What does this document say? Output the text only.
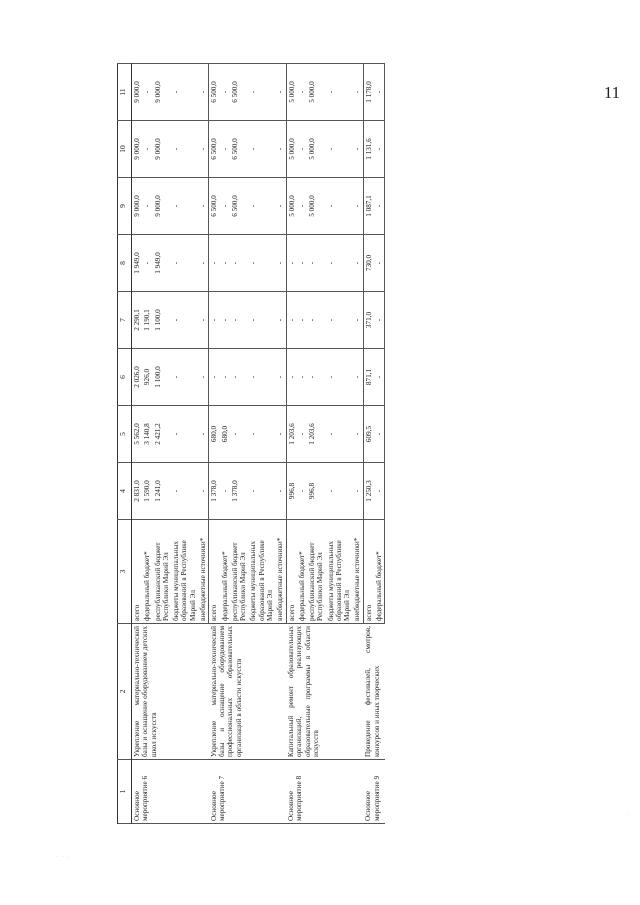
11
1	2	3	4	5	6	7	8	9	10	11
Основное мероприятие 6	Укрепление материально-технической базы и оснащение оборудованием детских школ искусств	всего	2 831,0	5 562,0	2 026,0	2 290,1	1 949,0	9 000,0	9 000,0	9 000,0
		федеральный бюджет*	1 590,0	3 140,8	926,0	1 190,1	-	-	-	-
		республиканский бюджет Республики Марий Эл	1 241,0	2 421,2	1 100,0	1 100,0	1 949,0	9 000,0	9 000,0	9 000,0
		бюджеты муниципальных образований в Республике Марий Эл	-	-	-	-	-	-	-	-
		внебюджетные источники*	-	-	-	-	-	-	-	-
Основное мероприятие 7	Укрепление материально-технической базы и оснащение оборудованием профессиональных образовательных организаций в области искусств	всего	1 378,0	680,0	-	-	-	6 500,0	6 500,0	6 500,0
		федеральный бюджет*	-	680,0	-	-	-	-	-	-
		республиканский бюджет Республики Марий Эл	1 378,0	-	-	-	-	6 500,0	6 500,0	6 500,0
		бюджеты муниципальных образований в Республике Марий Эл	-	-	-	-	-	-	-	-
		внебюджетные источники*	-	-	-	-	-	-	-	-
Основное мероприятие 8	Капитальный ремонт образовательных организаций, реализующих образовательные программы в области искусств	всего	996,8	1 203,6	-	-	-	5 000,0	5 000,0	5 000,0
		федеральный бюджет*	-	-	-	-	-	-	-	-
		республиканский бюджет Республики Марий Эл	996,8	1 203,6	-	-	-	5 000,0	5 000,0	5 000,0
		бюджеты муниципальных образований в Республике Марий Эл	-	-	-	-	-	-	-	-
		внебюджетные источники*	-	-	-	-	-	-	-	-
Основное мероприятие 9	Проведение фестивалей, смотров, конкурсов и иных творческих	всего	1 250,3	609,5	871,1	371,0	730,0	1 087,1	1 131,6	1 178,0
		федеральный бюджет*	-	-	-	-	-	-	-	-
· · ·
·
